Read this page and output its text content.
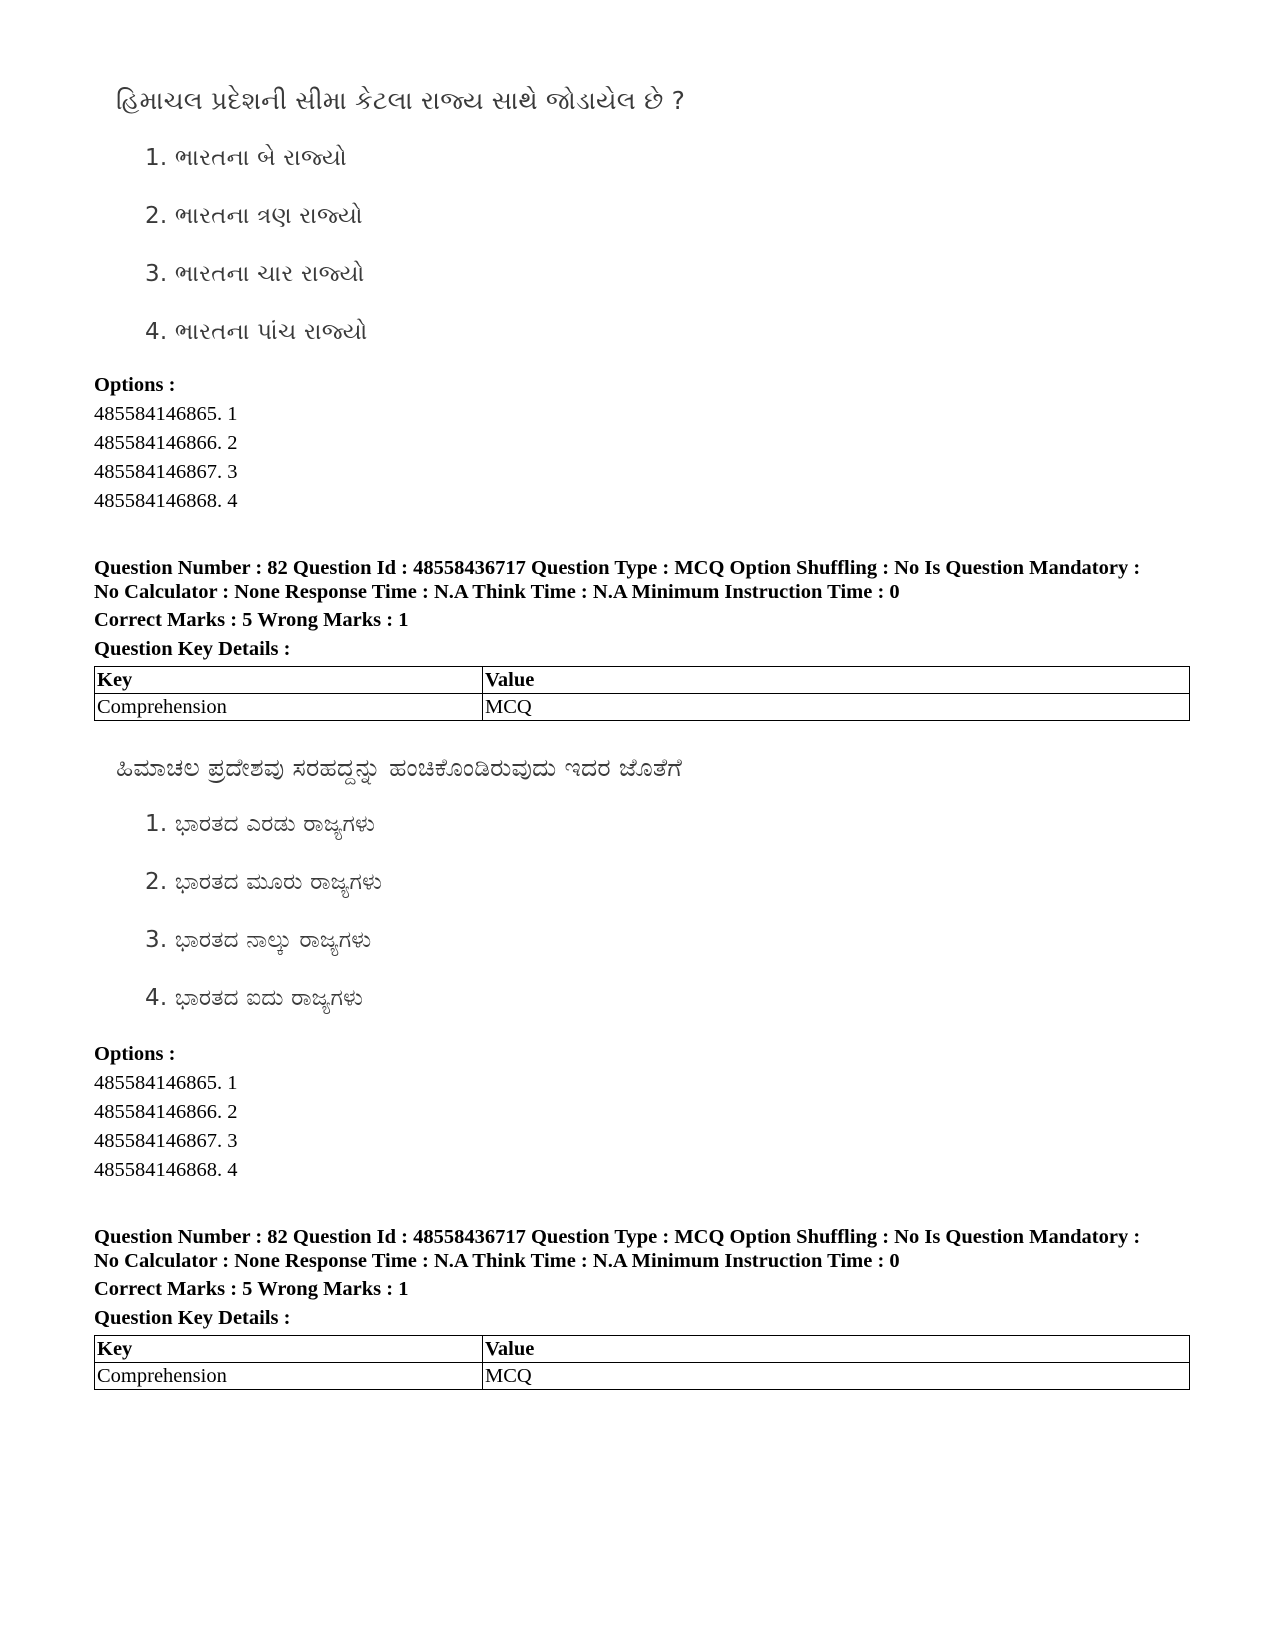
હિમાચલ પ્રદેશની સીમા કેટલા રાજ્ય સાથે જોડાયેલ છે ?
1. ભારતના બે રાજ્યો
2. ભારતના ત્રણ રાજ્યો
3. ભારતના ચાર રાજ્યો
4. ભારતના પાંચ રાજ્યો
Options :
485584146865. 1
485584146866. 2
485584146867. 3
485584146868. 4
Question Number : 82 Question Id : 48558436717 Question Type : MCQ Option Shuffling : No Is Question Mandatory :
No Calculator : None Response Time : N.A Think Time : N.A Minimum Instruction Time : 0
Correct Marks : 5 Wrong Marks : 1
Question Key Details :
Key	Value
Comprehension	MCQ
ಹಿಮಾಚಲ ಪ್ರದೇಶವು ಸರಹದ್ದನ್ನು ಹಂಚಿಕೊಂಡಿರುವುದು ಇದರ ಜೊತೆಗೆ
1. ಭಾರತದ ಎರಡು ರಾಜ್ಯಗಳು
2. ಭಾರತದ ಮೂರು ರಾಜ್ಯಗಳು
3. ಭಾರತದ ನಾಲ್ಕು ರಾಜ್ಯಗಳು
4. ಭಾರತದ ಐದು ರಾಜ್ಯಗಳು
Options :
485584146865. 1
485584146866. 2
485584146867. 3
485584146868. 4
Question Number : 82 Question Id : 48558436717 Question Type : MCQ Option Shuffling : No Is Question Mandatory :
No Calculator : None Response Time : N.A Think Time : N.A Minimum Instruction Time : 0
Correct Marks : 5 Wrong Marks : 1
Question Key Details :
Key	Value
Comprehension	MCQ
